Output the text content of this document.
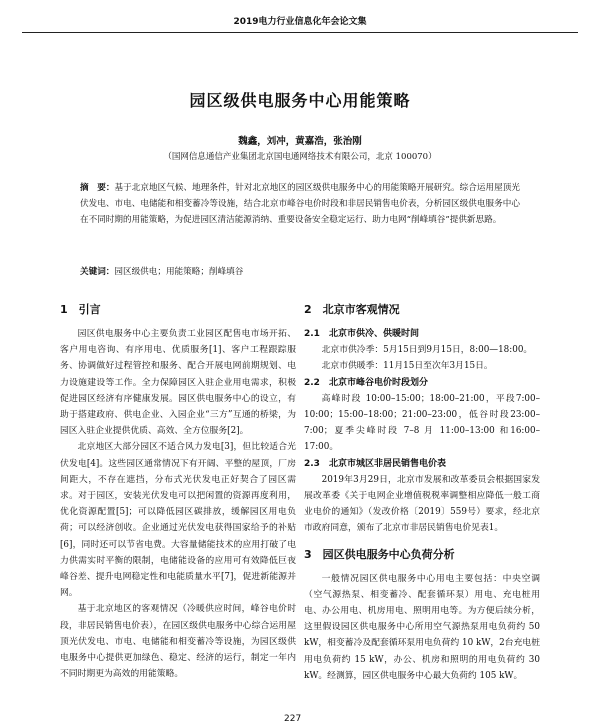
2019电力行业信息化年会论文集
园区级供电服务中心用能策略
魏鑫，刘冲，黄嘉浩，张治刚
（国网信息通信产业集团北京国电通网络技术有限公司，北京 100070）
摘　要：基于北京地区气候、地理条件，针对北京地区的园区级供电服务中心的用能策略开展研究。综合运用屋顶光伏发电、市电、电储能和相变蓄冷等设施，结合北京市峰谷电价时段和非居民销售电价表，分析园区级供电服务中心在不同时期的用能策略，为促进园区清洁能源消纳、重要设备安全稳定运行、助力电网“削峰填谷”提供新思路。
关键词：园区级供电；用能策略；削峰填谷
1　引言

园区供电服务中心主要负责工业园区配售电市场开拓、客户用电咨询、有序用电、优质服务[1]、客户工程跟踪服务、协调做好过程管控和服务、配合开展电网前期规划、电力设施建设等工作。全力保障园区入驻企业用电需求，积极促进园区经济有序健康发展。园区供电服务中心的设立，有助于搭建政府、供电企业、入园企业“三方”互通的桥梁，为园区入驻企业提供优质、高效、全方位服务[2]。

北京地区大部分园区不适合风力发电[3]，但比较适合光伏发电[4]。这些园区通常情况下有开阔、平整的屋顶，厂房间距大，不存在遮挡，分布式光伏发电正好契合了园区需求。对于园区，安装光伏发电可以把闲置的资源再度利用，优化资源配置[5]；可以降低园区碳排放，缓解园区用电负荷；可以经济创收。企业通过光伏发电获得国家给予的补贴[6]，同时还可以节省电费。大容量储能技术的应用打破了电力供需实时平衡的限制，电储能设备的应用可有效降低巨夜峰谷差、提升电网稳定性和电能质量水平[7]，促进新能源并网。

基于北京地区的客观情况（冷暖供应时间，峰谷电价时段，非居民销售电价表），在园区级供电服务中心综合运用屋顶光伏发电、市电、电储能和相变蓄冷等设施，为园区级供电服务中心提供更加绿色、稳定、经济的运行，制定一年内不同时期更为高效的用能策略。

2　北京市客观情况
2.1　北京市供冷、供暖时间

北京市供冷季：5月15日到9月15日，8:00—18:00。

北京市供暖季：11月15日至次年3月15日。

2.2　北京市峰谷电价时段划分

高峰时段 10:00–15:00；18:00–21:00，平段7:00–10:00；15:00–18:00；21:00–23:00，低谷时段23:00–7:00；夏季尖峰时段 7–8 月 11:00–13:00 和16:00–17:00。

2.3　北京市城区非居民销售电价表

2019年3月29日，北京市发展和改革委员会根据国家发展改革委《关于电网企业增值税税率调整相应降低一般工商业电价的通知》（发改价格〔2019〕559号）要求，经北京市政府同意，颁布了北京市非居民销售电价见表1。

3　园区供电服务中心负荷分析

一般情况园区供电服务中心用电主要包括：中央空调（空气源热泵、相变蓄冷、配套循环泵）用电、充电桩用电、办公用电、机房用电、照明用电等。为方便后续分析，这里假设园区供电服务中心所用空气源热泵用电负荷约 50 kW，相变蓄冷及配套循环泵用电负荷约 10 kW，2台充电桩用电负荷约 15 kW，办公、机房和照明的用电负荷约 30 kW。经测算，园区供电服务中心最大负荷约 105 kW。

227
